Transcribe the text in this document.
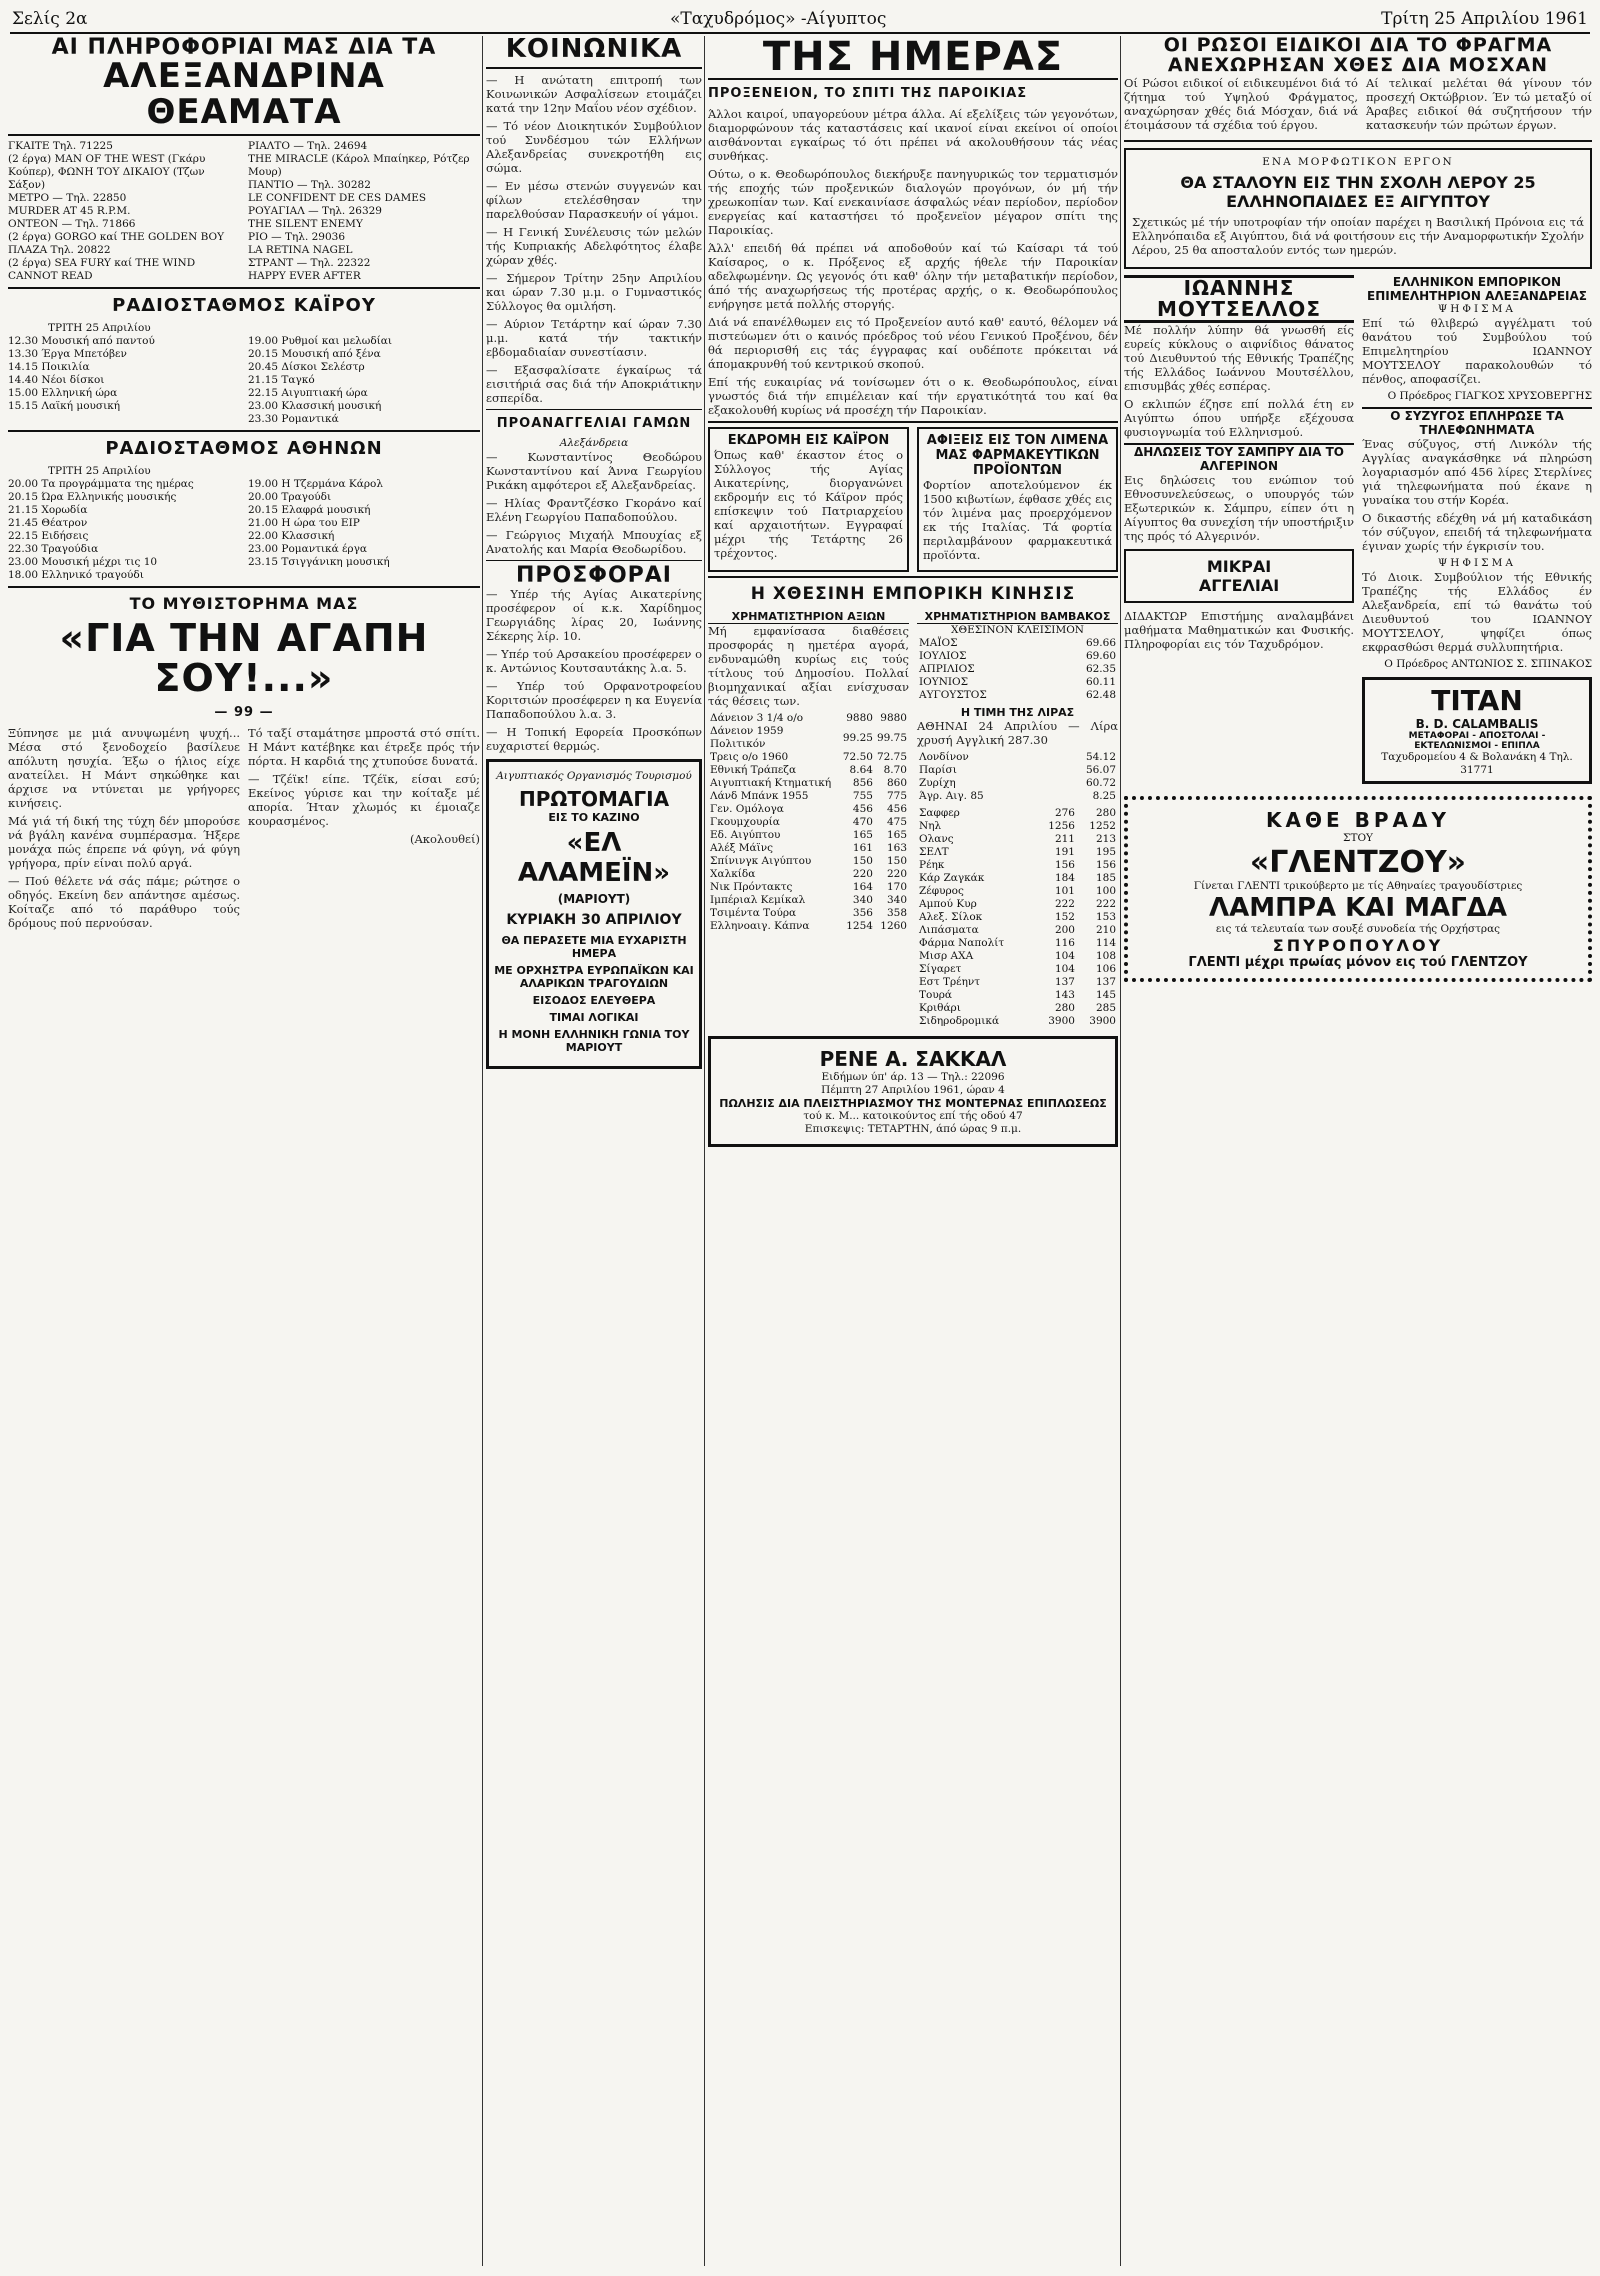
Σελίς 2α	«Ταχυδρόμος» -Αίγυπτος	Τρίτη 25 Απριλίου 1961
ΑΙ ΠΛΗΡΟΦΟΡΙΑΙ ΜΑΣ ΔΙΑ ΤΑ
ΑΛΕΞΑΝΔΡΙΝΑ ΘΕΑΜΑΤΑ
ΓΚΑΙΤΕ Τηλ. 71225
(2 έργα) MAN OF THE WEST (Γκάρυ Κούπερ), ΦΩΝΗ ΤΟΥ ΔΙΚΑΙΟΥ (Τζων Σάξον)
ΜΕΤΡΟ — Τηλ. 22850
MURDER AT 45 R.P.M.
ΟΝΤΕΟΝ — Τηλ. 71866
(2 έργα) GORGO καί THE GOLDEN BOY
ΠΛΑΖΑ Τηλ. 20822
(2 έργα) SEA FURY καί THE WIND CANNOT READ
ΡΙΑΛΤΟ — Τηλ. 24694
THE MIRACLE (Κάρολ Μπαίηκερ, Ρότζερ Μουρ)
ΠΑΝΤΙΟ — Τηλ. 30282
LE CONFIDENT DE CES DAMES
ΡΟΥΑΓΙΑΛ — Τηλ. 26329
THE SILENT ENEMY
ΡΙΟ — Τηλ. 29036
LA RETINA NAGEL
ΣΤΡΑΝΤ — Τηλ. 22322
HAPPY EVER AFTER
ΡΑΔΙΟΣΤΑΘΜΟΣ ΚΑΪΡΟΥ
ΤΡΙΤΗ 25 Απριλίου
12.30 Μουσική από παντού
13.30 Έργα Μπετόβεν
14.15 Ποικιλία
14.40 Νέοι δίσκοι
15.00 Ελληνική ώρα
15.15 Λαϊκή μουσική
19.00 Ρυθμοί και μελωδίαι
20.15 Μουσική από ξένα
20.45 Δίσκοι Σελέστρ
21.15 Ταγκό
22.15 Αιγυπτιακή ώρα
23.00 Κλασσική μουσική
23.30 Ρομαντικά
ΡΑΔΙΟΣΤΑΘΜΟΣ ΑΘΗΝΩΝ
ΤΡΙΤΗ 25 Απριλίου
20.00 Τα προγράμματα της ημέρας
20.15 Ώρα Ελληνικής μουσικής
21.15 Χορωδία
21.45 Θέατρον
22.15 Ειδήσεις
22.30 Τραγούδια
23.00 Μουσική μέχρι τις 10
18.00 Ελληνικό τραγούδι
19.00 Η Τζερμάνα Κάρολ
20.00 Τραγούδι
20.15 Ελαφρά μουσική
21.00 Η ώρα του ΕΙΡ
22.00 Κλασσική
23.00 Ρομαντικά έργα
23.15 Τσιγγάνικη μουσική
ΤΟ ΜΥΘΙΣΤΟΡΗΜΑ ΜΑΣ
«ΓΙΑ ΤΗΝ ΑΓΑΠΗ ΣΟΥ!...»
— 99 —

Ξύπνησε με μιά ανυψωμένη ψυχή... Μέσα στό ξενοδοχείο βασίλευε απόλυτη ησυχία. Έξω ο ήλιος είχε ανατείλει. Η Μάντ σηκώθηκε και άρχισε να ντύνεται με γρήγορες κινήσεις.

Μά γιά τή δική της τύχη δέν μπορούσε νά βγάλη κανένα συμπέρασμα. Ήξερε μονάχα πώς έπρεπε νά φύγη, νά φύγη γρήγορα, πρίν είναι πολύ αργά.

— Πού θέλετε νά σάς πάμε; ρώτησε ο οδηγός. Εκείνη δεν απάντησε αμέσως. Κοίταζε από τό παράθυρο τούς δρόμους πού περνούσαν.

Τό ταξί σταμάτησε μπροστά στό σπίτι. Η Μάντ κατέβηκε και έτρεξε πρός τήν πόρτα. Η καρδιά της χτυπούσε δυνατά.

— Τζέϊκ! είπε. Τζέϊκ, είσαι εσύ; Εκείνος γύρισε και την κοίταξε μέ απορία. Ήταν χλωμός κι έμοιαζε κουρασμένος.

(Ακολουθεί)

ΚΟΙΝΩΝΙΚΑ

— Η ανώτατη επιτροπή των Κοινωνικών Ασφαλίσεων ετοιμάζει κατά την 12ην Μαΐου νέον σχέδιον.

— Τό νέον Διοικητικόν Συμβούλιον τού Συνδέσμου τών Ελλήνων Αλεξανδρείας συνεκροτήθη εις σώμα.

— Εν μέσω στενών συγγενών και φίλων ετελέσθησαν την παρελθούσαν Παρασκευήν οί γάμοι.

— Η Γενική Συνέλευσις τών μελών τής Κυπριακής Αδελφότητος έλαβε χώραν χθές.

— Σήμερον Τρίτην 25ην Απριλίου και ώραν 7.30 μ.μ. ο Γυμναστικός Σύλλογος θα ομιλήση.

— Αύριον Τετάρτην καί ώραν 7.30 μ.μ. κατά τήν τακτικήν εβδομαδιαίαν συνεστίασιν.

— Εξασφαλίσατε έγκαίρως τά εισιτήριά σας διά τήν Αποκριάτικην εσπερίδα.

ΠΡΟΑΝΑΓΓΕΛΙΑΙ ΓΑΜΩΝ
Αλεξάνδρεια

— Κωνσταντίνος Θεοδώρου Κωνσταντίνου καί Άννα Γεωργίου Ρικάκη αμφότεροι εξ Αλεξανδρείας.

— Ηλίας Φραντζέσκο Γκοράνο καί Ελένη Γεωργίου Παπαδοπούλου.

— Γεώργιος Μιχαήλ Μπουχίας εξ Ανατολής και Μαρία Θεοδωρίδου.

ΠΡΟΣΦΟΡΑΙ

— Υπέρ τής Αγίας Αικατερίνης προσέφερον οί κ.κ. Χαρίδημος Γεωργιάδης λίρας 20, Ιωάννης Σέκερης λίρ. 10.

— Υπέρ τού Αρσακείου προσέφερεν ο κ. Αντώνιος Κουτσαυτάκης λ.α. 5.

— Υπέρ τού Ορφανοτροφείου Κοριτσιών προσέφερεν η κα Ευγενία Παπαδοπούλου λ.α. 3.

— Η Τοπική Εφορεία Προσκόπων ευχαριστεί θερμώς.

Αιγυπτιακός Οργανισμός Τουρισμού
ΠΡΩΤΟΜΑΓΙΑ
ΕΙΣ ΤΟ ΚΑΖΙΝΟ
«ΕΛ ΑΛΑΜΕΪΝ»
(ΜΑΡΙΟΥΤ)
ΚΥΡΙΑΚΗ 30 ΑΠΡΙΛΙΟΥ
ΘΑ ΠΕΡΑΣΕΤΕ ΜΙΑ ΕΥΧΑΡΙΣΤΗ ΗΜΕΡΑ
ΜΕ ΟΡΧΗΣΤΡΑ ΕΥΡΩΠΑΪΚΩΝ ΚΑΙ ΑΛΑΡΙΚΩΝ ΤΡΑΓΟΥΔΙΩΝ
ΕΙΣΟΔΟΣ ΕΛΕΥΘΕΡΑ
ΤΙΜΑΙ ΛΟΓΙΚΑΙ
Η ΜΟΝΗ ΕΛΛΗΝΙΚΗ ΓΩΝΙΑ ΤΟΥ ΜΑΡΙΟΥΤ
ΤΗΣ ΗΜΕΡΑΣ
ΠΡΟΞΕΝΕΙΟΝ, ΤΟ ΣΠΙΤΙ ΤΗΣ ΠΑΡΟΙΚΙΑΣ

Άλλοι καιροί, υπαγορεύουν μέτρα άλλα. Αί εξελίξεις τών γεγονότων, διαμορφώνουν τάς καταστάσεις καί ικανοί είναι εκείνοι οί οποίοι αισθάνονται εγκαίρως τό ότι πρέπει νά ακολουθήσουν τάς νέας συνθήκας.

Ούτω, ο κ. Θεοδωρόπουλος διεκήρυξε πανηγυρικώς τον τερματισμόν τής εποχής τών προξενικών διαλογών προγόνων, όν μή τήν χρεωκοπίαν των. Καί ενεκαινίασε άσφαλώς νέαν περίοδον, περίοδον ενεργείας καί καταστήσει τό προξενεϊον μέγαρον σπίτι της Παροικίας.

Άλλ' επειδή θά πρέπει νά αποδοθούν καί τώ Καίσαρι τά τού Καίσαρος, ο κ. Πρόξενος εξ αρχής ήθελε τήν Παροικίαν αδελφωμένην. Ως γεγονός ότι καθ' όλην τήν μεταβατικήν περίοδον, άπό τής αναχωρήσεως τής προτέρας αρχής, ο κ. Θεοδωρόπουλος ενήργησε μετά πολλής στοργής.

Διά νά επανέλθωμεν εις τό Προξενείον αυτό καθ' εαυτό, θέλομεν νά πιστεύωμεν ότι ο καινός πρόεδρος τού νέου Γενικού Προξένου, δέν θά περιορισθή εις τάς έγγραφας καί ουδέποτε πρόκειται νά άπομακρυνθή τού κεντρικού σκοπού.

Επί τής ευκαιρίας νά τονίσωμεν ότι ο κ. Θεοδωρόπουλος, είναι γνωστός διά τήν επιμέλειαν καί τήν εργατικότητά του καί θα εξακολουθή κυρίως νά προσέχη τήν Παροικίαν.

ΕΚΔΡΟΜΗ ΕΙΣ ΚΑΪΡΟΝ

Όπως καθ' έκαστον έτος ο Σύλλογος τής Αγίας Αικατερίνης, διοργανώνει εκδρομήν εις τό Κάϊρον πρός επίσκεψιν τού Πατριαρχείου καί αρχαιοτήτων. Εγγραφαί μέχρι τής Τετάρτης 26 τρέχοντος.

ΑΦΙΞΕΙΣ ΕΙΣ ΤΟΝ ΛΙΜΕΝΑ ΜΑΣ ΦΑΡΜΑΚΕΥΤΙΚΩΝ ΠΡΟΪΟΝΤΩΝ

Φορτίον αποτελούμενον έκ 1500 κιβωτίων, έφθασε χθές εις τόν λιμένα μας προερχόμενον εκ τής Ιταλίας. Τά φορτία περιλαμβάνουν φαρμακευτικά προϊόντα.

Η ΧΘΕΣΙΝΗ ΕΜΠΟΡΙΚΗ ΚΙΝΗΣΙΣ
ΧΡΗΜΑΤΙΣΤΗΡΙΟΝ ΑΞΙΩΝ

Μή εμφανίσασα διαθέσεις προσφοράς η ημετέρα αγορά, ενδυναμώθη κυρίως εις τούς τίτλους τού Δημοσίου. Πολλαί βιομηχανικαί αξίαι ενίσχυσαν τάς θέσεις των.

Δάνειον 3 1/4 ο/ο	9880	9880
Δάνειον 1959 Πολιτικόν	99.25	99.75
Τρεις ο/ο 1960	72.50	72.75
Εθνική Τράπεζα	8.64	8.70
Αιγυπτιακή Κτηματική	856	860
Λάνδ Μπάνκ 1955	755	775
Γεν. Ομόλογα	456	456
Γκουμχουρία	470	475
Εδ. Αιγύπτου	165	165
Αλέξ Μάϊνς	161	163
Σπίνινγκ Αιγύπτου	150	150
Χαλκίδα	220	220
Νικ Πρόντακτς	164	170
Ιμπέριαλ Κεμίκαλ	340	340
Τσιμέντα Τούρα	356	358
Ελληνοαιγ. Κάπνα	1254	1260
ΧΡΗΜΑΤΙΣΤΗΡΙΟΝ ΒΑΜΒΑΚΟΣ
ΧΘΕΣΙΝΟΝ ΚΛΕΙΣΙΜΟΝ
ΜΑΪΟΣ	69.66
ΙΟΥΛΙΟΣ	69.60
ΑΠΡΙΛΙΟΣ	62.35
ΙΟΥΝΙΟΣ	60.11
ΑΥΓΟΥΣΤΟΣ	62.48
Η ΤΙΜΗ ΤΗΣ ΛΙΡΑΣ

ΑΘΗΝΑΙ 24 Απριλίου — Λίρα χρυσή Αγγλική 287.30

Λονδίνον	54.12
Παρίσι	56.07
Ζυρίχη	60.72
Άγρ. Αιγ. 85	8.25
Σαφφερ	276	280
Νηλ	1256	1252
Ολανς	211	213
ΣΕΛΤ	191	195
Ρέηκ	156	156
Κάρ Ζαγκάκ	184	185
Ζέφυρος	101	100
Αμπού Κυρ	222	222
Αλεξ. Σίλοκ	152	153
Λιπάσματα	200	210
Φάρμα Ναπολίτ	116	114
Μισρ ΑΧΑ	104	108
Σίγαρετ	104	106
Εστ Τρέηντ	137	137
Τουρά	143	145
Κριθάρι	280	285
Σιδηροδρομικά	3900	3900
ΡΕΝΕ Α. ΣΑΚΚΑΛ
Ειδήμων ύπ' άρ. 13 — Τηλ.: 22096
Πέμπτη 27 Απριλίου 1961, ώραν 4
ΠΩΛΗΣΙΣ ΔΙΑ ΠΛΕΙΣΤΗΡΙΑΣΜΟΥ ΤΗΣ ΜΟΝΤΕΡΝΑΣ ΕΠΙΠΛΩΣΕΩΣ
τού κ. Μ... κατοικούντος επί τής οδού 47
Επισκεψις: ΤΕΤΑΡΤΗΝ, άπό ώρας 9 π.μ.
ΟΙ ΡΩΣΟΙ ΕΙΔΙΚΟΙ ΔΙΑ ΤΟ ΦΡΑΓΜΑ
ΑΝΕΧΩΡΗΣΑΝ ΧΘΕΣ ΔΙΑ ΜΟΣΧΑΝ

Οί Ρώσοι ειδικοί οί ειδικευμένοι διά τό ζήτημα τού Υψηλού Φράγματος, αναχώρησαν χθές διά Μόσχαν, διά νά έτοιμάσουν τά σχέδια τού έργου.

Αί τελικαί μελέται θά γίνουν τόν προσεχή Οκτώβριον. Έν τώ μεταξύ οί Άραβες ειδικοί θά συζητήσουν τήν κατασκευήν τών πρώτων έργων.

ΕΝΑ ΜΟΡΦΩΤΙΚΟΝ ΕΡΓΟΝ
ΘΑ ΣΤΑΛΟΥΝ ΕΙΣ ΤΗΝ ΣΧΟΛΗ ΛΕΡΟΥ 25 ΕΛΛΗΝΟΠΑΙΔΕΣ ΕΞ ΑΙΓΥΠΤΟΥ

Σχετικώς μέ τήν υποτροφίαν τήν οποίαν παρέχει η Βασιλική Πρόνοια εις τά Ελληνόπαιδα εξ Αιγύπτου, διά νά φοιτήσουν εις τήν Αναμορφωτικήν Σχολήν Λέρου, 25 θα αποσταλούν εντός των ημερών.

ΙΩΑΝΝΗΣ ΜΟΥΤΣΕΛΛΟΣ

Μέ πολλήν λύπην θά γνωσθή είς ευρείς κύκλους ο αιφνίδιος θάνατος τού Διευθυντού τής Εθνικής Τραπέζης τής Ελλάδος Ιωάννου Μουτσέλλου, επισυμβάς χθές εσπέρας.

Ο εκλιπών έζησε επί πολλά έτη εν Αιγύπτω όπου υπήρξε εξέχουσα φυσιογνωμία τού Ελληνισμού.

ΔΗΛΩΣΕΙΣ ΤΟΥ ΣΑΜΠΡΥ ΔΙΑ ΤΟ ΑΛΓΕΡΙΝΟΝ

Εις δηλώσεις του ενώπιον τού Εθνοσυνελεύσεως, ο υπουργός τών Εξωτερικών κ. Σάμπρυ, είπεν ότι η Αίγυπτος θα συνεχίση τήν υποστήριξιν της πρός τό Αλγερινόν.

ΜΙΚΡΑΙ
ΑΓΓΕΛΙΑΙ

ΔΙΔΑΚΤΩΡ Επιστήμης αναλαμβάνει μαθήματα Μαθηματικών και Φυσικής. Πληροφορίαι εις τόν Ταχυδρόμον.

ΕΛΛΗΝΙΚΟΝ ΕΜΠΟΡΙΚΟΝ ΕΠΙΜΕΛΗΤΗΡΙΟΝ ΑΛΕΞΑΝΔΡΕΙΑΣ
ΨΗΦΙΣΜΑ

Επί τώ θλιβερώ αγγέλματι τού θανάτου τού Συμβούλου τού Επιμελητηρίου ΙΩΑΝΝΟΥ ΜΟΥΤΣΕΛΟΥ παρακολουθών τό πένθος, αποφασίζει.

Ο Πρόεδρος ΓΙΑΓΚΟΣ ΧΡΥΣΟΒΕΡΓΗΣ
Ο ΣΥΖΥΓΟΣ ΕΠΛΗΡΩΣΕ ΤΑ ΤΗΛΕΦΩΝΗΜΑΤΑ

Ένας σύζυγος, στή Λινκόλν τής Αγγλίας αναγκάσθηκε νά πληρώση λογαριασμόν από 456 λίρες Στερλίνες γιά τηλεφωνήματα πού έκανε η γυναίκα του στήν Κορέα.

Ο δικαστής εδέχθη νά μή καταδικάση τόν σύζυγον, επειδή τά τηλεφωνήματα έγιναν χωρίς τήν έγκρισίν του.

ΨΗΦΙΣΜΑ

Τό Διοικ. Συμβούλιον τής Εθνικής Τραπέζης τής Ελλάδος έν Αλεξανδρεία, επί τώ θανάτω τού Διευθυντού του ΙΩΑΝΝΟΥ ΜΟΥΤΣΕΛΟΥ, ψηφίζει όπως εκφρασθώσι θερμά συλλυπητήρια.

Ο Πρόεδρος ΑΝΤΩΝΙΟΣ Σ. ΣΠΙΝΑΚΟΣ
TITAN
B. D. CALAMBALIS
ΜΕΤΑΦΟΡΑΙ - ΑΠΟΣΤΟΛΑΙ - ΕΚΤΕΛΩΝΙΣΜΟΙ - ΕΠΙΠΛΑ
Ταχυδρομείου 4 & Βολανάκη 4 Τηλ. 31771
ΚΑΘΕ ΒΡΑΔΥ
ΣΤΟΥ
«ΓΛΕΝΤΖΟΥ»
Γίνεται ΓΛΕΝΤΙ τρικούβερτο με τίς Αθηναίες τραγουδίστριες
ΛΑΜΠΡΑ ΚΑΙ ΜΑΓΔΑ
εις τά τελευταία των σουξέ συνοδεία τής Ορχήστρας
ΣΠΥΡΟΠΟΥΛΟΥ
ΓΛΕΝΤΙ μέχρι πρωίας μόνον εις τού ΓΛΕΝΤΖΟΥ
